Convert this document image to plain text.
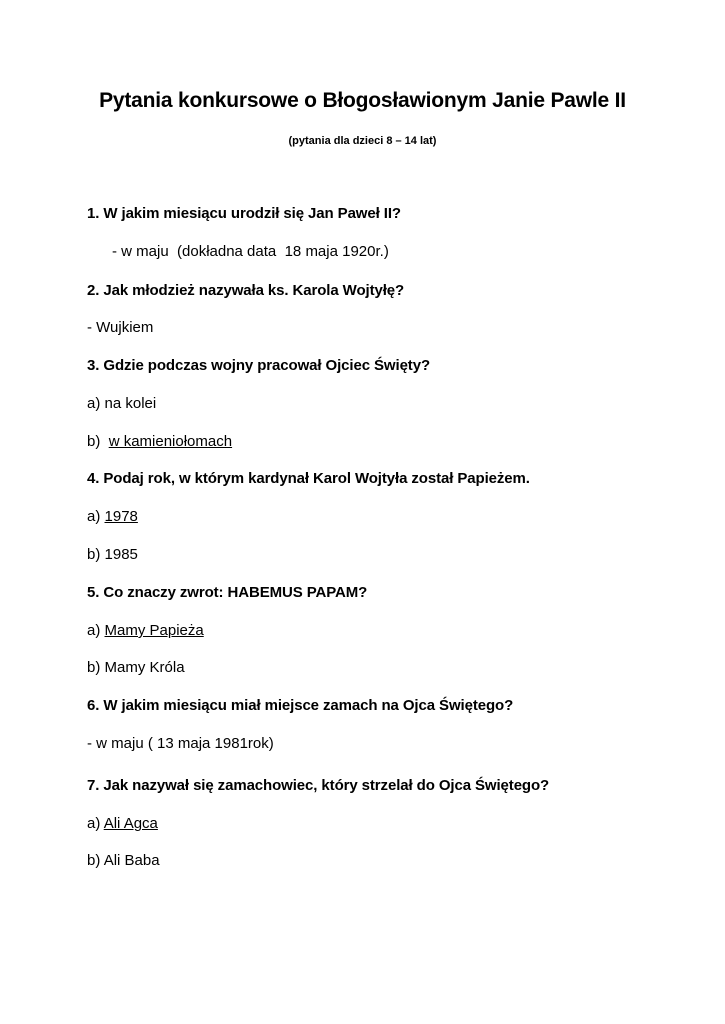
Pytania konkursowe o Błogosławionym Janie Pawle II
(pytania dla dzieci 8 – 14 lat)
1. W jakim miesiącu urodził się Jan Paweł II?
- w maju  (dokładna data  18 maja 1920r.)
2. Jak młodzież nazywała ks. Karola Wojtyłę?
- Wujkiem
3. Gdzie podczas wojny pracował Ojciec Święty?
a) na kolei
b)  w kamieniołomach
4. Podaj rok, w którym kardynał Karol Wojtyła został Papieżem.
a) 1978
b) 1985
5. Co znaczy zwrot: HABEMUS PAPAM?
a) Mamy Papieża
b) Mamy Króla
6. W jakim miesiącu miał miejsce zamach na Ojca Świętego?
- w maju ( 13 maja 1981rok)
7. Jak nazywał się zamachowiec, który strzelał do Ojca Świętego?
a) Ali Agca
b) Ali Baba
